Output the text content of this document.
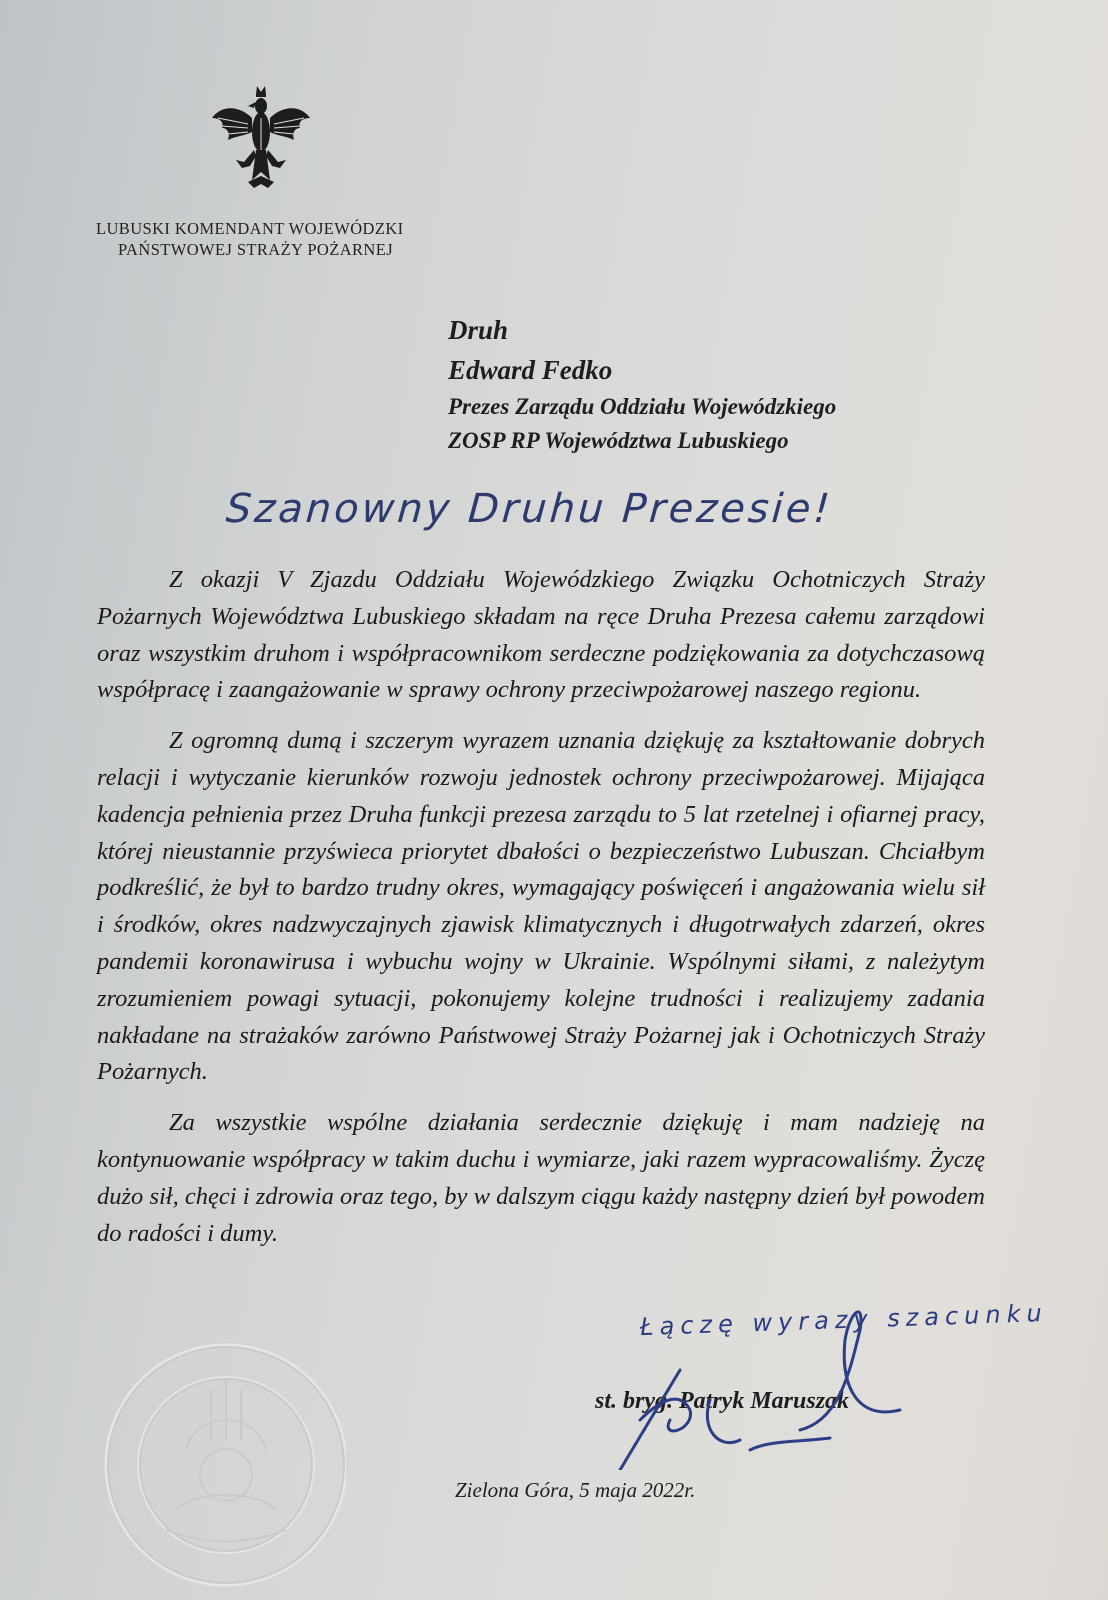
LUBUSKI KOMENDANT WOJEWÓDZKI
PAŃSTWOWEJ STRAŻY POŻARNEJ
Druh
Edward Fedko
Prezes Zarządu Oddziału Wojewódzkiego
ZOSP RP Województwa Lubuskiego
Szanowny Druhu Prezesie!

Z okazji V Zjazdu Oddziału Wojewódzkiego Związku Ochotniczych Straży Pożarnych Województwa Lubuskiego składam na ręce Druha Prezesa całemu zarządowi oraz wszystkim druhom i współpracownikom serdeczne podziękowania za dotychczasową współpracę i zaangażowanie w sprawy ochrony przeciwpożarowej naszego regionu.

Z ogromną dumą i szczerym wyrazem uznania dziękuję za kształtowanie dobrych relacji i wytyczanie kierunków rozwoju jednostek ochrony przeciwpożarowej. Mijająca kadencja pełnienia przez Druha funkcji prezesa zarządu to 5 lat rzetelnej i ofiarnej pracy, której nieustannie przyświeca priorytet dbałości o bezpieczeństwo Lubuszan. Chciałbym podkreślić, że był to bardzo trudny okres, wymagający poświęceń i angażowania wielu sił i środków, okres nadzwyczajnych zjawisk klimatycznych i długotrwałych zdarzeń, okres pandemii koronawirusa i wybuchu wojny w Ukrainie. Wspólnymi siłami, z należytym zrozumieniem powagi sytuacji, pokonujemy kolejne trudności i realizujemy zadania nakładane na strażaków zarówno Państwowej Straży Pożarnej jak i Ochotniczych Straży Pożarnych.

Za wszystkie wspólne działania serdecznie dziękuję i mam nadzieję na kontynuowanie współpracy w takim duchu i wymiarze, jaki razem wypracowaliśmy. Życzę dużo sił, chęci i zdrowia oraz tego, by w dalszym ciągu każdy następny dzień był powodem do radości i dumy.

Łączę wyrazy szacunku
st. bryg. Patryk Maruszak
Zielona Góra, 5 maja 2022r.
